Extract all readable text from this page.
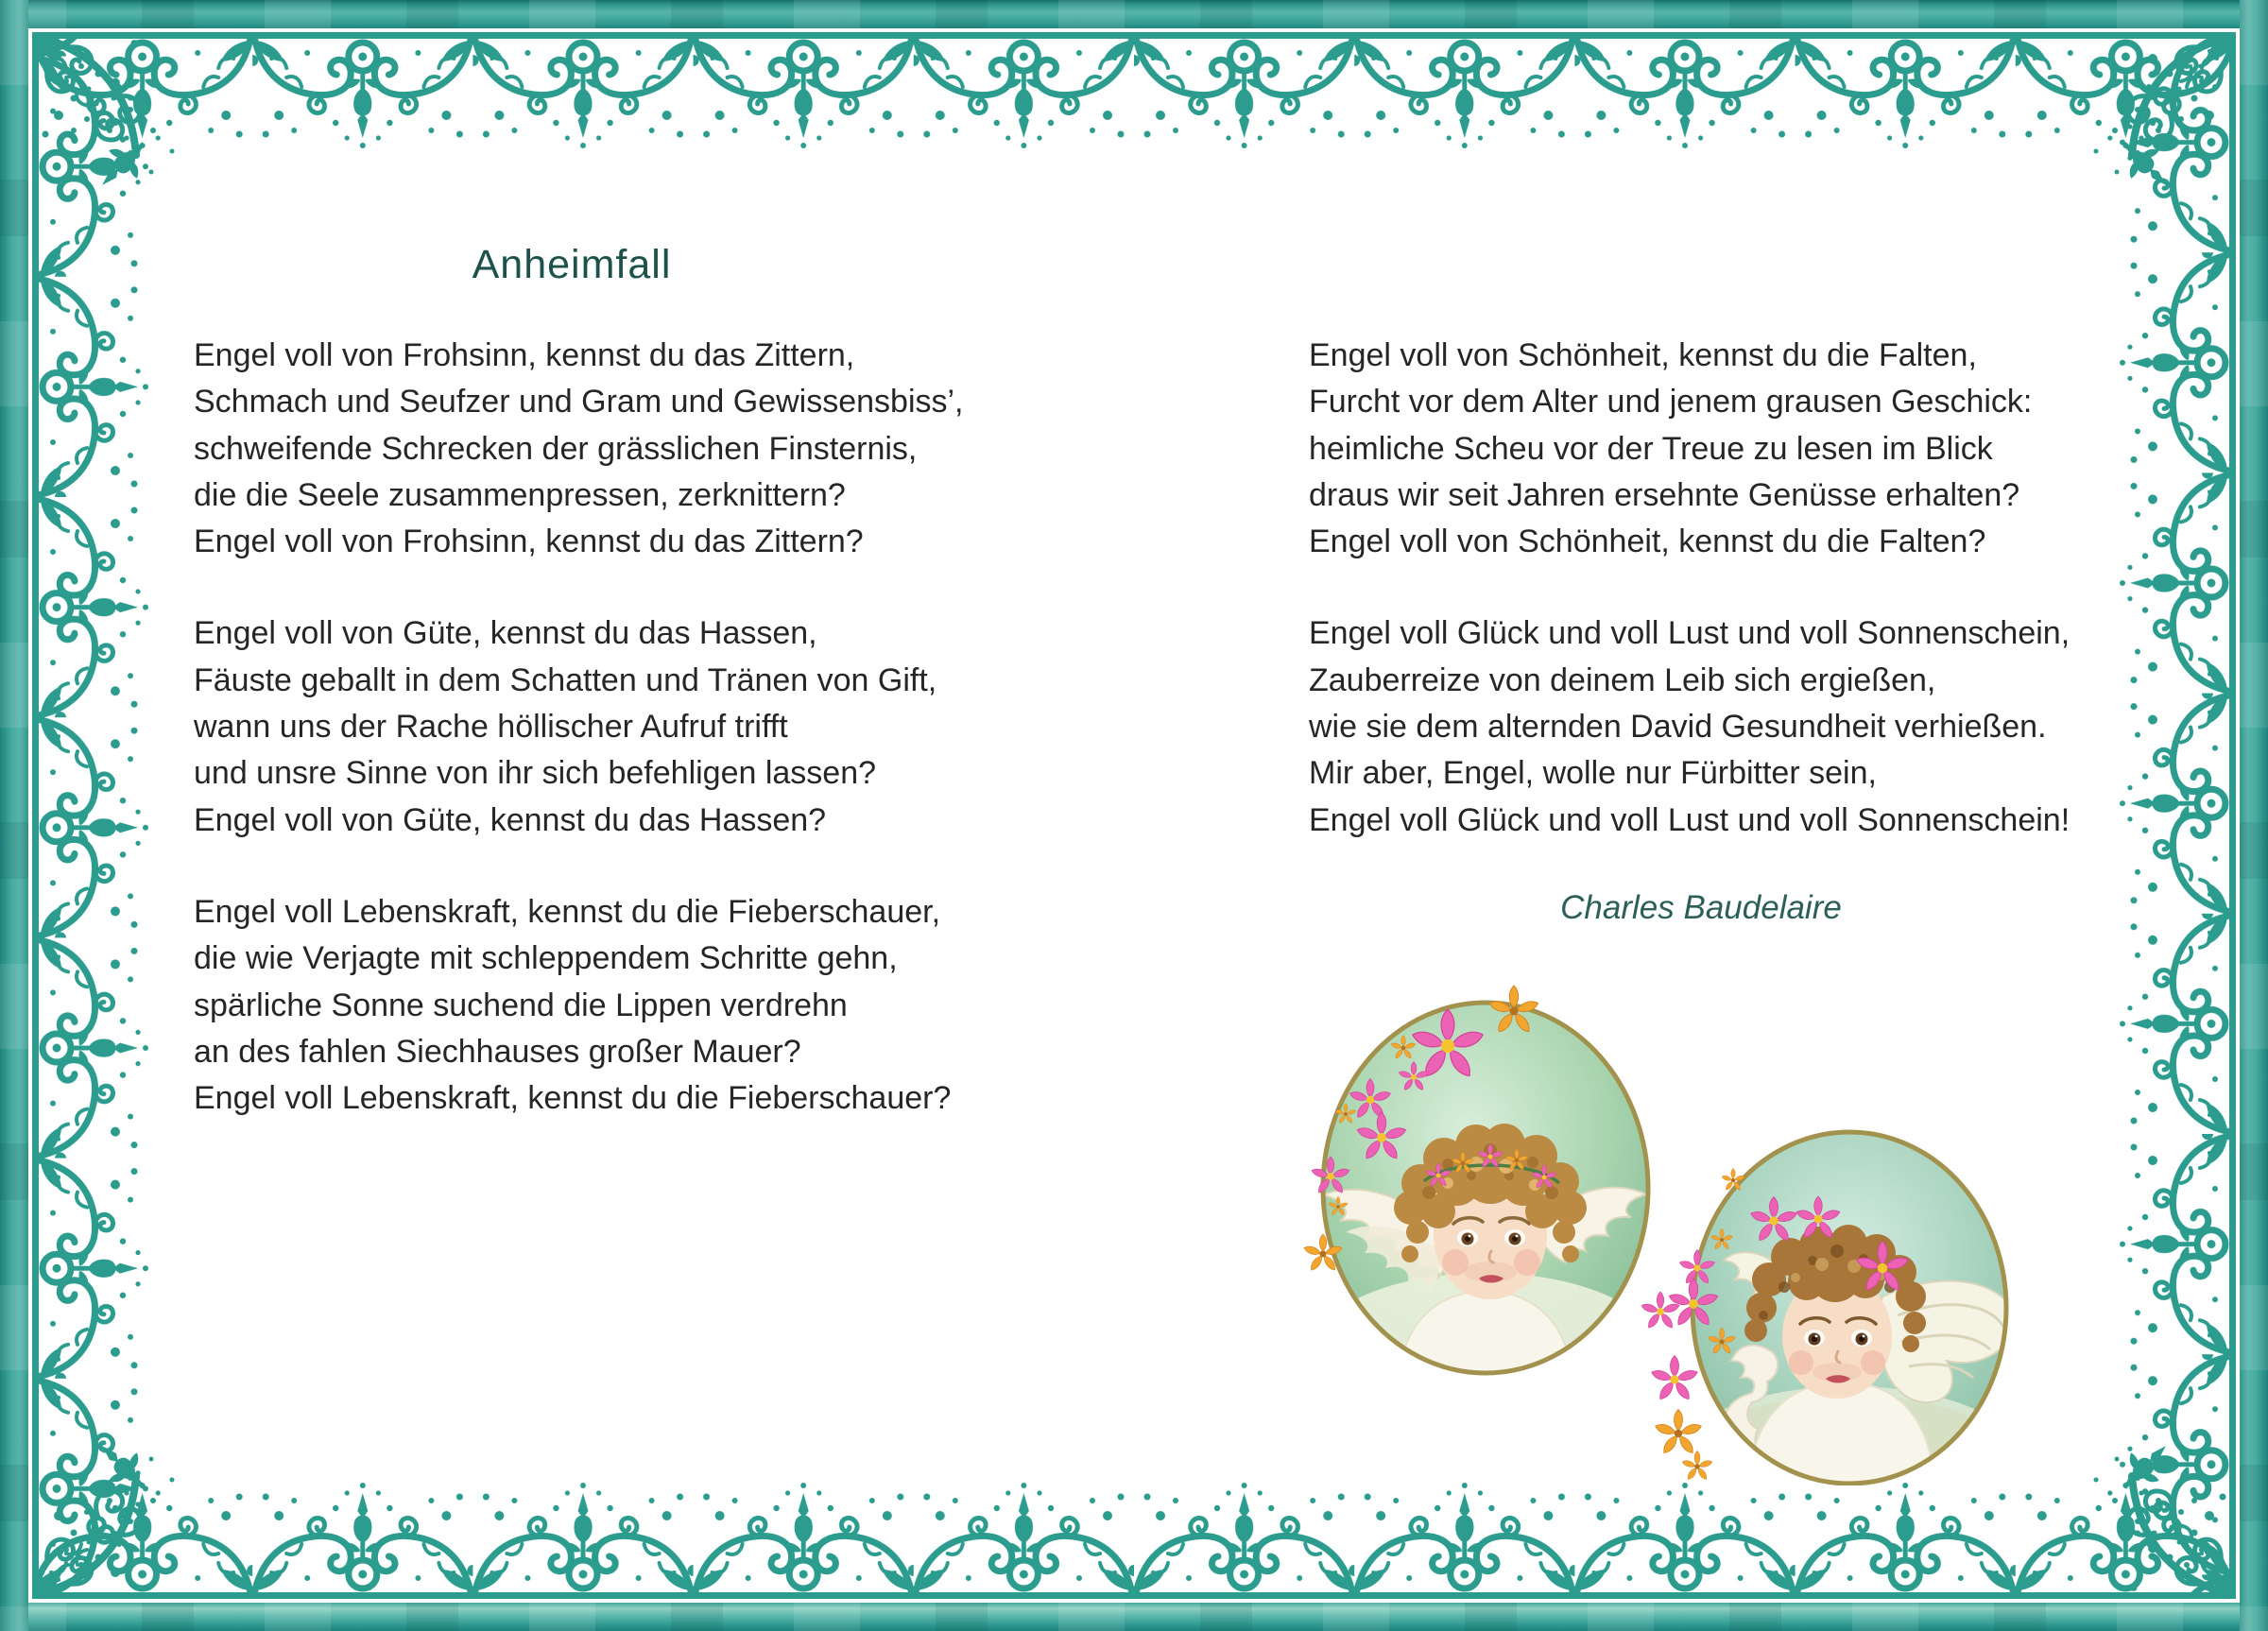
Anheimfall

Engel voll von Frohsinn, kennst du das Zittern,
Schmach und Seufzer und Gram und Gewissensbiss’,
schweifende Schrecken der grässlichen Finsternis,
die die Seele zusammenpressen, zerknittern?
Engel voll von Frohsinn, kennst du das Zittern?

Engel voll von Güte, kennst du das Hassen,
Fäuste geballt in dem Schatten und Tränen von Gift,
wann uns der Rache höllischer Aufruf trifft
und unsre Sinne von ihr sich befehligen lassen?
Engel voll von Güte, kennst du das Hassen?

Engel voll Lebenskraft, kennst du die Fieberschauer,
die wie Verjagte mit schleppendem Schritte gehn,
spärliche Sonne suchend die Lippen verdrehn
an des fahlen Siechhauses großer Mauer?
Engel voll Lebenskraft, kennst du die Fieberschauer?

Engel voll von Schönheit, kennst du die Falten,
Furcht vor dem Alter und jenem grausen Geschick:
heimliche Scheu vor der Treue zu lesen im Blick
draus wir seit Jahren ersehnte Genüsse erhalten?
Engel voll von Schönheit, kennst du die Falten?

Engel voll Glück und voll Lust und voll Sonnenschein,
Zauberreize von deinem Leib sich ergießen,
wie sie dem alternden David Gesundheit verhießen.
Mir aber, Engel, wolle nur Fürbitter sein,
Engel voll Glück und voll Lust und voll Sonnenschein!

Charles Baudelaire
